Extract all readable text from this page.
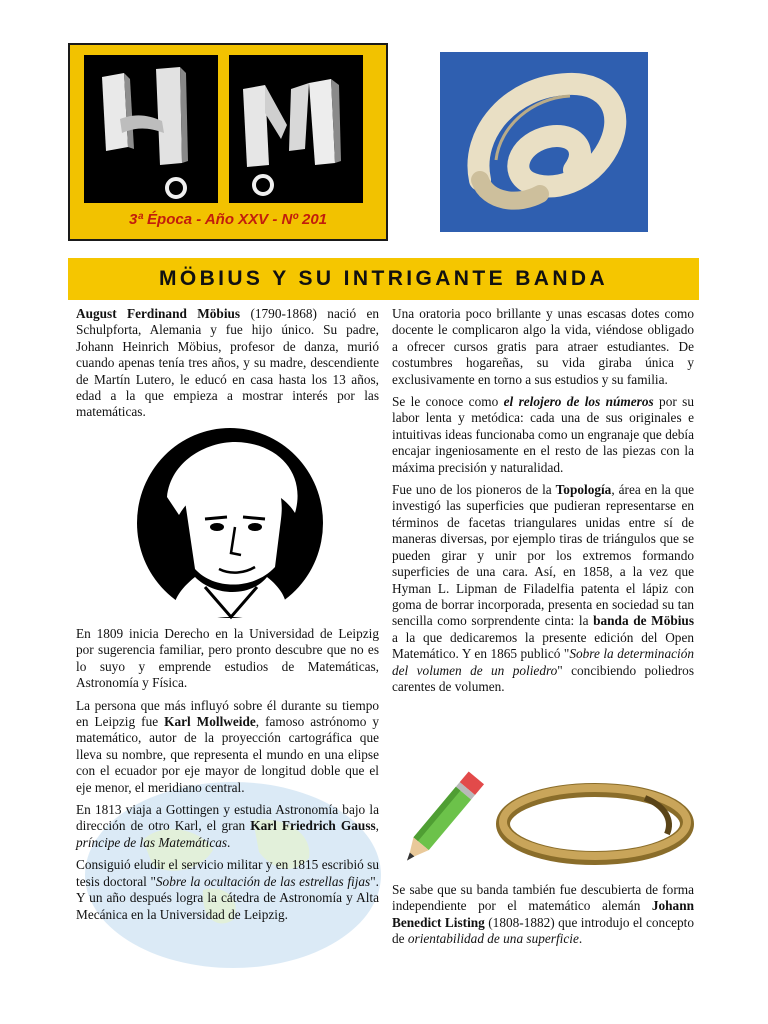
3ª Época - Año XXV - Nº 201
MÖBIUS Y SU INTRIGANTE BANDA

August Ferdinand Möbius (1790-1868) nació en Schulpforta, Alemania y fue hijo único. Su padre, Johann Heinrich Möbius, profesor de danza, murió cuando apenas tenía tres años, y su madre, descendiente de Martín Lutero, le educó en casa hasta los 13 años, edad a la que empieza a mostrar interés por las matemáticas.

En 1809 inicia Derecho en la Universidad de Leipzig por sugerencia familiar, pero pronto descubre que no es lo suyo y emprende estudios de Matemáticas, Astronomía y Física.

La persona que más influyó sobre él durante su tiempo en Leipzig fue Karl Mollweide, famoso astrónomo y matemático, autor de la proyección cartográfica que lleva su nombre, que representa el mundo en una elipse con el ecuador por eje mayor de longitud doble que el eje menor, el meridiano central.

En 1813 viaja a Gottingen y estudia Astronomía bajo la dirección de otro Karl, el gran Karl Friedrich Gauss, príncipe de las Matemáticas.

Consiguió eludir el servicio militar y en 1815 escribió su tesis doctoral "Sobre la ocultación de las estrellas fijas". Y un año después logra la cátedra de Astronomía y Alta Mecánica en la Universidad de Leipzig.

Una oratoria poco brillante y unas escasas dotes como docente le complicaron algo la vida, viéndose obligado a ofrecer cursos gratis para atraer estudiantes. De costumbres hogareñas, su vida giraba única y exclusivamente en torno a sus estudios y su familia.

Se le conoce como el relojero de los números por su labor lenta y metódica: cada una de sus originales e intuitivas ideas funcionaba como un engranaje que debía encajar ingeniosamente en el resto de las piezas con la máxima precisión y naturalidad.

Fue uno de los pioneros de la Topología, área en la que investigó las superficies que pudieran representarse en términos de facetas triangulares unidas entre sí de maneras diversas, por ejemplo tiras de triángulos que se pueden girar y unir por los extremos formando superficies de una cara. Así, en 1858, a la vez que Hyman L. Lipman de Filadelfia patenta el lápiz con goma de borrar incorporada, presenta en sociedad su tan sencilla como sorprendente cinta: la banda de Möbius a la que dedicaremos la presente edición del Open Matemático. Y en 1865 publicó "Sobre la determinación del volumen de un poliedro" concibiendo poliedros carentes de volumen.

Se sabe que su banda también fue descubierta de forma independiente por el matemático alemán Johann Benedict Listing (1808-1882) que introdujo el concepto de orientabilidad de una superficie.
